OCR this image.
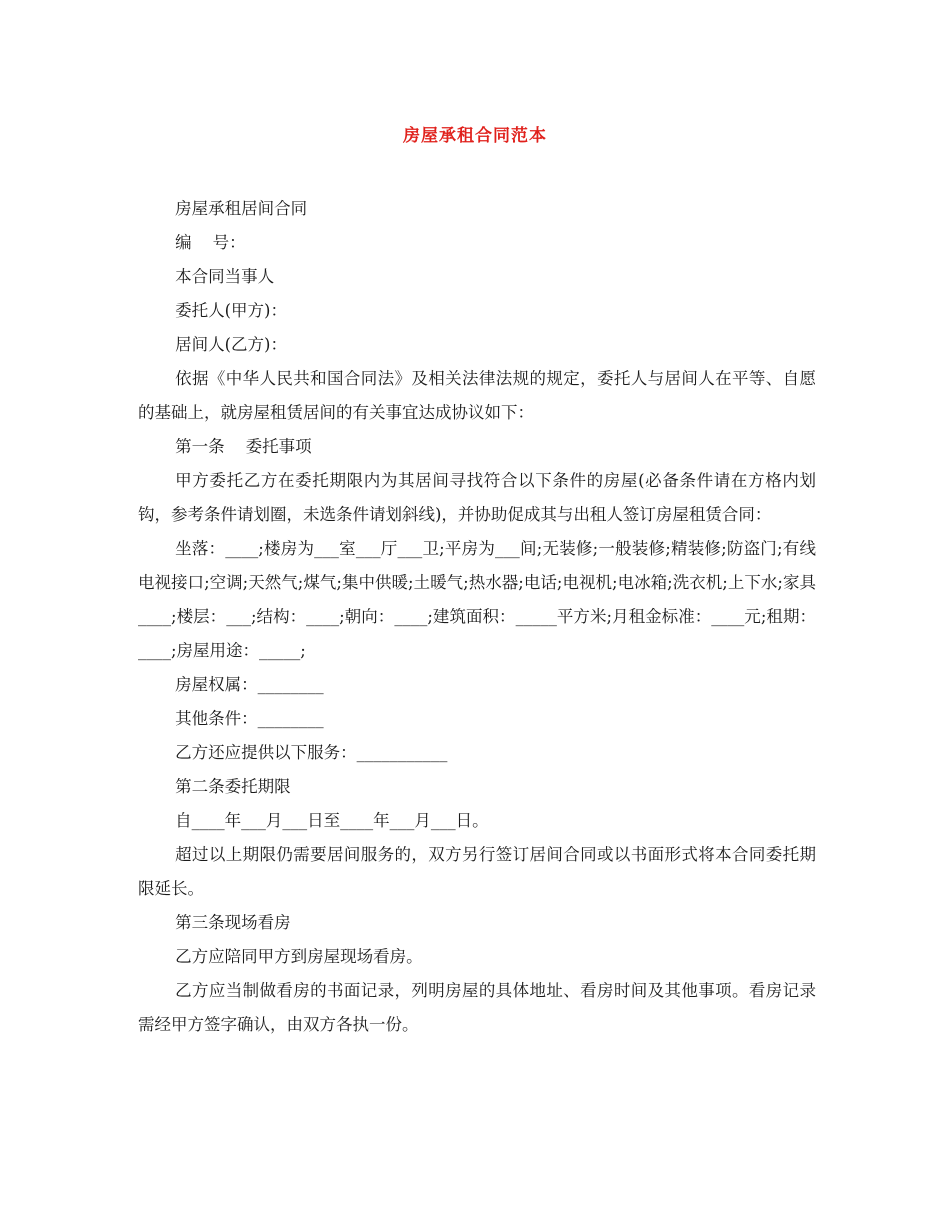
房屋承租合同范本

房屋承租居间合同

编    号：

本合同当事人

委托人(甲方)：

居间人(乙方)：

依据《中华人民共和国合同法》及相关法律法规的规定，委托人与居间人在平等、自愿的基础上，就房屋租赁居间的有关事宜达成协议如下：

第一条    委托事项

甲方委托乙方在委托期限内为其居间寻找符合以下条件的房屋(必备条件请在方格内划钩，参考条件请划圈，未选条件请划斜线)，并协助促成其与出租人签订房屋租赁合同：

坐落：____;楼房为___室___厅___卫;平房为___间;无装修;一般装修;精装修;防盗门;有线电视接口;空调;天然气;煤气;集中供暖;土暖气;热水器;电话;电视机;电冰箱;洗衣机;上下水;家具____;楼层：___;结构：____;朝向：____;建筑面积：_____平方米;月租金标准：____元;租期：____;房屋用途：_____;

房屋权属：________

其他条件：________

乙方还应提供以下服务：___________

第二条委托期限

自____年___月___日至____年___月___日。

超过以上期限仍需要居间服务的，双方另行签订居间合同或以书面形式将本合同委托期限延长。

第三条现场看房

乙方应陪同甲方到房屋现场看房。

乙方应当制做看房的书面记录，列明房屋的具体地址、看房时间及其他事项。看房记录需经甲方签字确认，由双方各执一份。
